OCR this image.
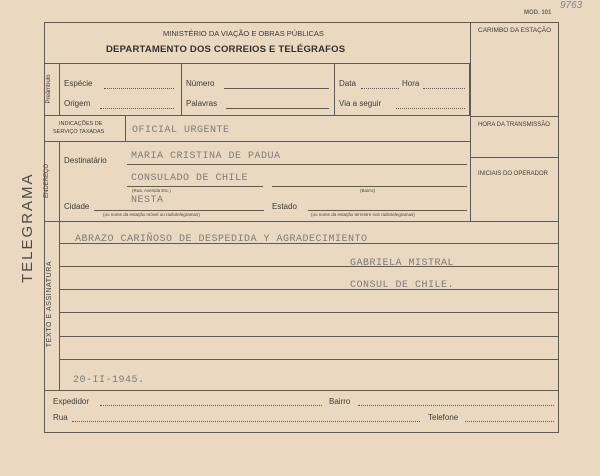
MOD. 101
9763
MINISTÉRIO DA VIAÇÃO E OBRAS PÚBLICAS
DEPARTAMENTO DOS CORREIOS E TELÉGRAFOS
CARIMBO DA ESTAÇÃO
TELEGRAMA
Preâmbulo	Espécie	Número	Data	Hora
Origem	Palavras	Via a seguir
HORA DA TRANSMISSÃO
INICIAIS DO OPERADOR
INDICAÇÕES DE
SERVIÇO TAXADAS	OFICIAL URGENTE
ENDEREÇO
Destinatário MARIA CRISTINA DE PADUA
CONSULADO DE CHILE
(Rua, Avenida Etc.)	(Bairro)
Cidade
NESTA
(ou nome da estação móvel ou radiotelegramas)
Estado
(ou nome da estação terrestre nos radiotelegramas)
TEXTO E ASSINATURA
ABRAZO CARIÑOSO DE DESPEDIDA Y AGRADECIMIENTO
GABRIELA MISTRAL
CONSUL DE CHILE.
20-II-1945.
Expedidor	Bairro
Rua	Telefone
